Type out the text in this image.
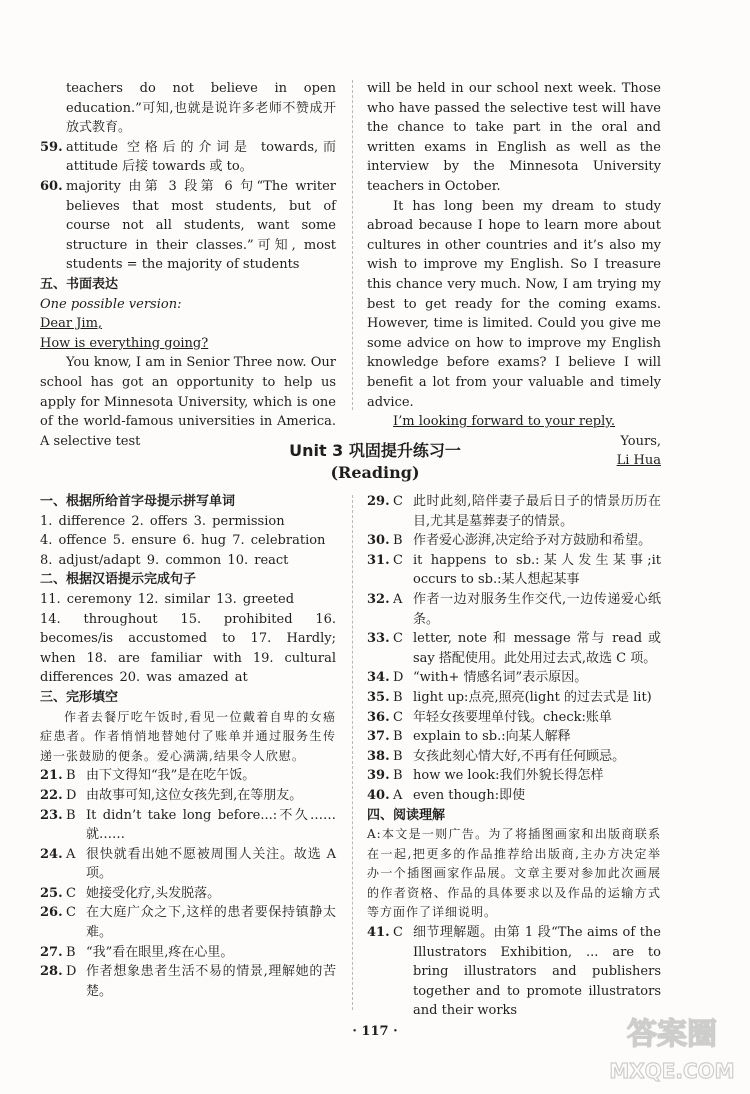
teachers do not believe in open education.”可知,也就是说许多老师不赞成开放式教育。

59. attitude 空格后的介词是 towards,而 attitude 后接 towards 或 to。
60. majority 由第 3 段第 6 句“The writer believes that most students, but of course not all students, want some structure in their classes.”可知, most students = the majority of students

五、书面表达

One possible version:

Dear Jim,

How is everything going?

You know, I am in Senior Three now. Our school has got an opportunity to help us apply for Minnesota University, which is one of the world-famous universities in America. A selective test

will be held in our school next week. Those who have passed the selective test will have the chance to take part in the oral and written exams in English as well as the interview by the Minnesota University teachers in October.

It has long been my dream to study abroad because I hope to learn more about cultures in other countries and it’s also my wish to improve my English. So I treasure this chance very much. Now, I am trying my best to get ready for the coming exams. However, time is limited. Could you give me some advice on how to improve my English knowledge before exams? I believe I will benefit a lot from your valuable and timely advice.

I’m looking forward to your reply.

Yours,

Li Hua

Unit 3 巩固提升练习一
(Reading)

一、根据所给首字母提示拼写单词

1. difference 2. offers 3. permission

4. offence 5. ensure 6. hug 7. celebration

8. adjust/adapt 9. common 10. react

二、根据汉语提示完成句子

11. ceremony 12. similar 13. greeted

14. throughout 15. prohibited 16. becomes/is accustomed to 17. Hardly; when 18. are familiar with 19. cultural differences 20. was amazed at

三、完形填空

作者去餐厅吃午饭时,看见一位戴着自卑的女癌症患者。作者悄悄地替她付了账单并通过服务生传递一张鼓励的便条。爱心满满,结果令人欣慰。

21. B 由下文得知“我”是在吃午饭。
22. D 由故事可知,这位女孩先到,在等朋友。
23. B It didn’t take long before...:不久……就……
24. A 很快就看出她不愿被周围人关注。故选 A 项。
25. C 她接受化疗,头发脱落。
26. C 在大庭广众之下,这样的患者要保持镇静太难。
27. B “我”看在眼里,疼在心里。
28. D 作者想象患者生活不易的情景,理解她的苦楚。
29. C 此时此刻,陪伴妻子最后日子的情景历历在目,尤其是墓葬妻子的情景。
30. B 作者爱心澎湃,决定给予对方鼓励和希望。
31. C it happens to sb.:某人发生某事;it occurs to sb.:某人想起某事
32. A 作者一边对服务生作交代,一边传递爱心纸条。
33. C letter, note 和 message 常与 read 或 say 搭配使用。此处用过去式,故选 C 项。
34. D “with+ 情感名词”表示原因。
35. B light up:点亮,照亮(light 的过去式是 lit)
36. C 年轻女孩要埋单付钱。check:账单
37. B explain to sb.:向某人解释
38. B 女孩此刻心情大好,不再有任何顾忌。
39. B how we look:我们外貌长得怎样
40. A even though:即使

四、阅读理解

A:本文是一则广告。为了将插图画家和出版商联系在一起,把更多的作品推荐给出版商,主办方决定举办一个插图画家作品展。文章主要对参加此次画展的作者资格、作品的具体要求以及作品的运输方式等方面作了详细说明。

41. C 细节理解题。由第 1 段“The aims of the Illustrators Exhibition, ... are to bring illustrators and publishers together and to promote illustrators and their works
· 117 ·	答案圈
MXQE.COM
